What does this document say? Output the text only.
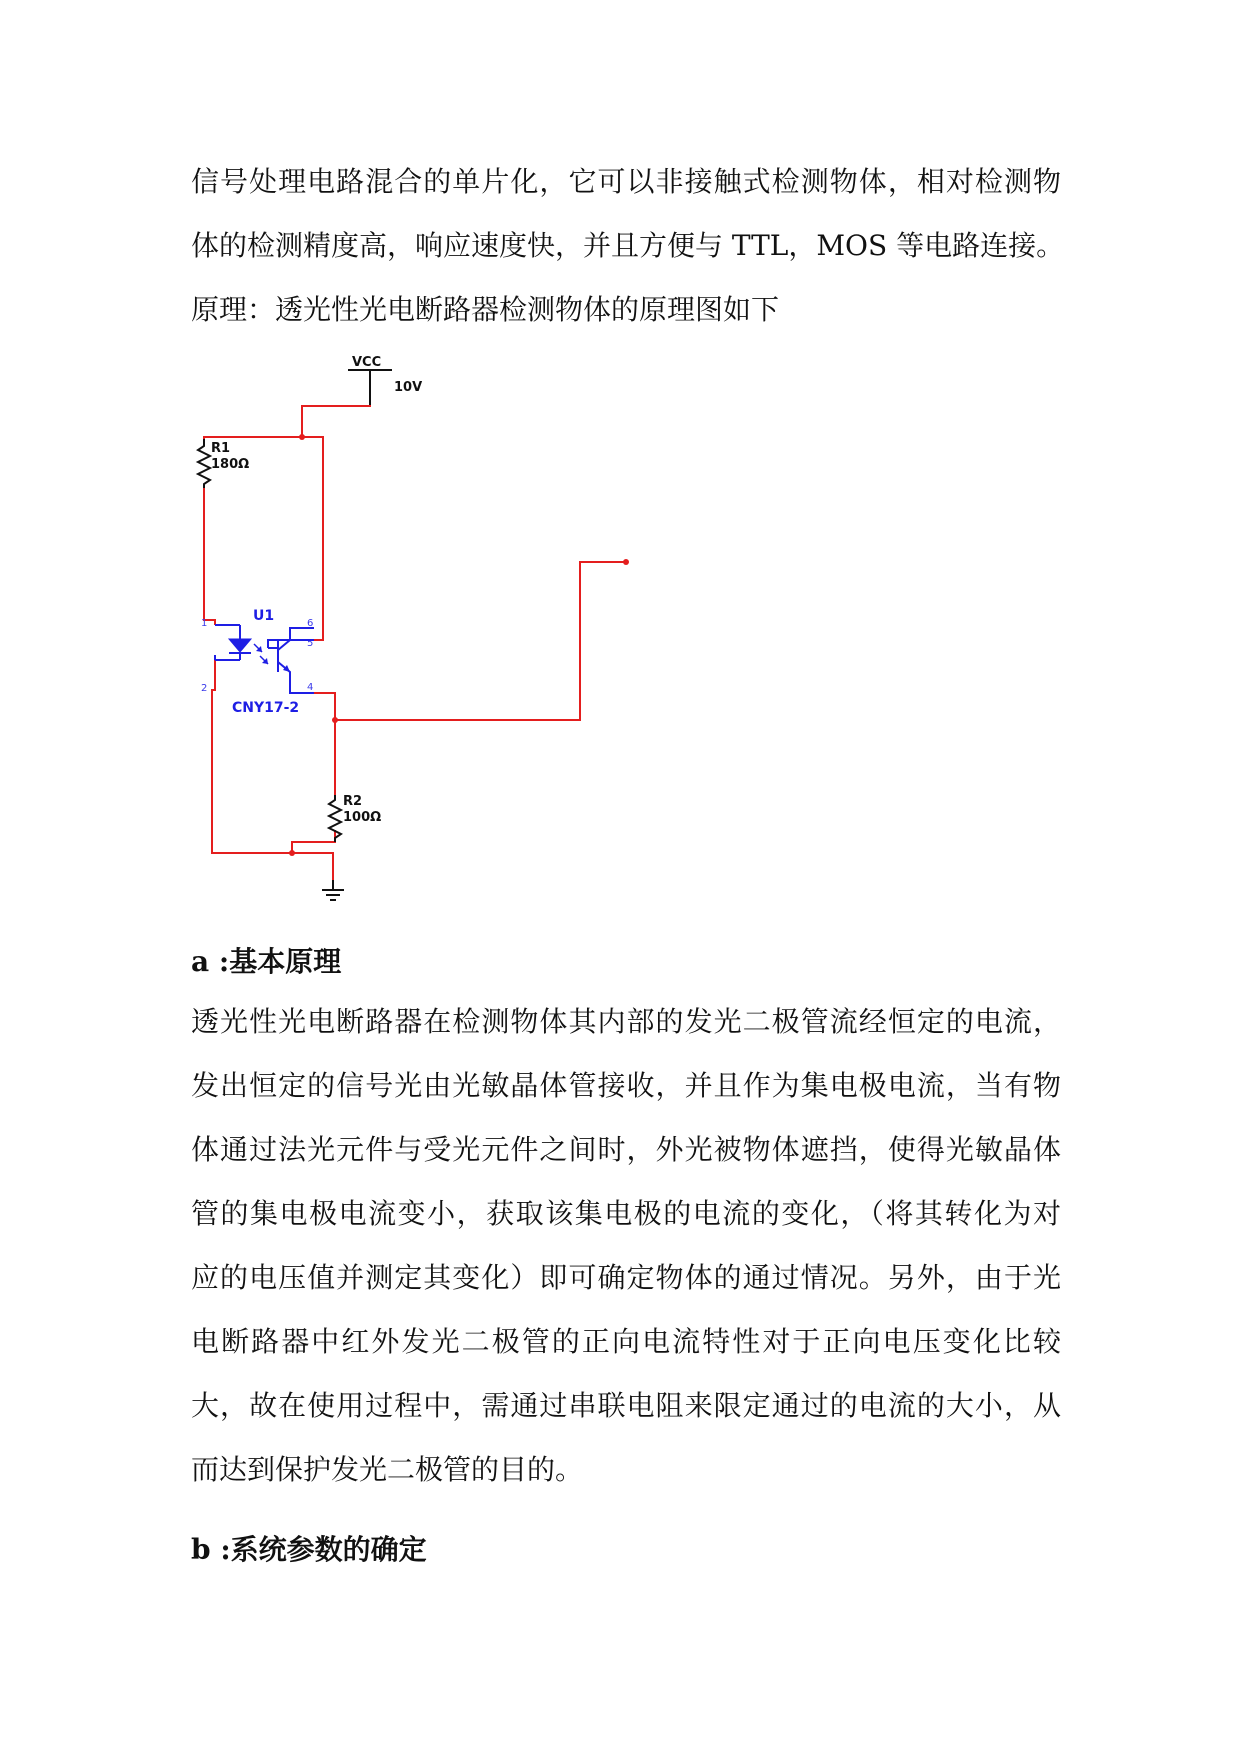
信号处理电路混合的单片化，它可以非接触式检测物体，相对检测物
体的检测精度高，响应速度快，并且方便与 TTL，MOS 等电路连接。
原理：透光性光电断路器检测物体的原理图如下
VCC
10V
R1
180Ω
U1
1
2
6
5
4
CNY17-2
R2
100Ω

a :基本原理

透光性光电断路器在检测物体其内部的发光二极管流经恒定的电流，
发出恒定的信号光由光敏晶体管接收，并且作为集电极电流，当有物
体通过法光元件与受光元件之间时，外光被物体遮挡，使得光敏晶体
管的集电极电流变小，获取该集电极的电流的变化，（将其转化为对
应的电压值并测定其变化）即可确定物体的通过情况。另外，由于光
电断路器中红外发光二极管的正向电流特性对于正向电压变化比较
大，故在使用过程中，需通过串联电阻来限定通过的电流的大小，从
而达到保护发光二极管的目的。

b :系统参数的确定
